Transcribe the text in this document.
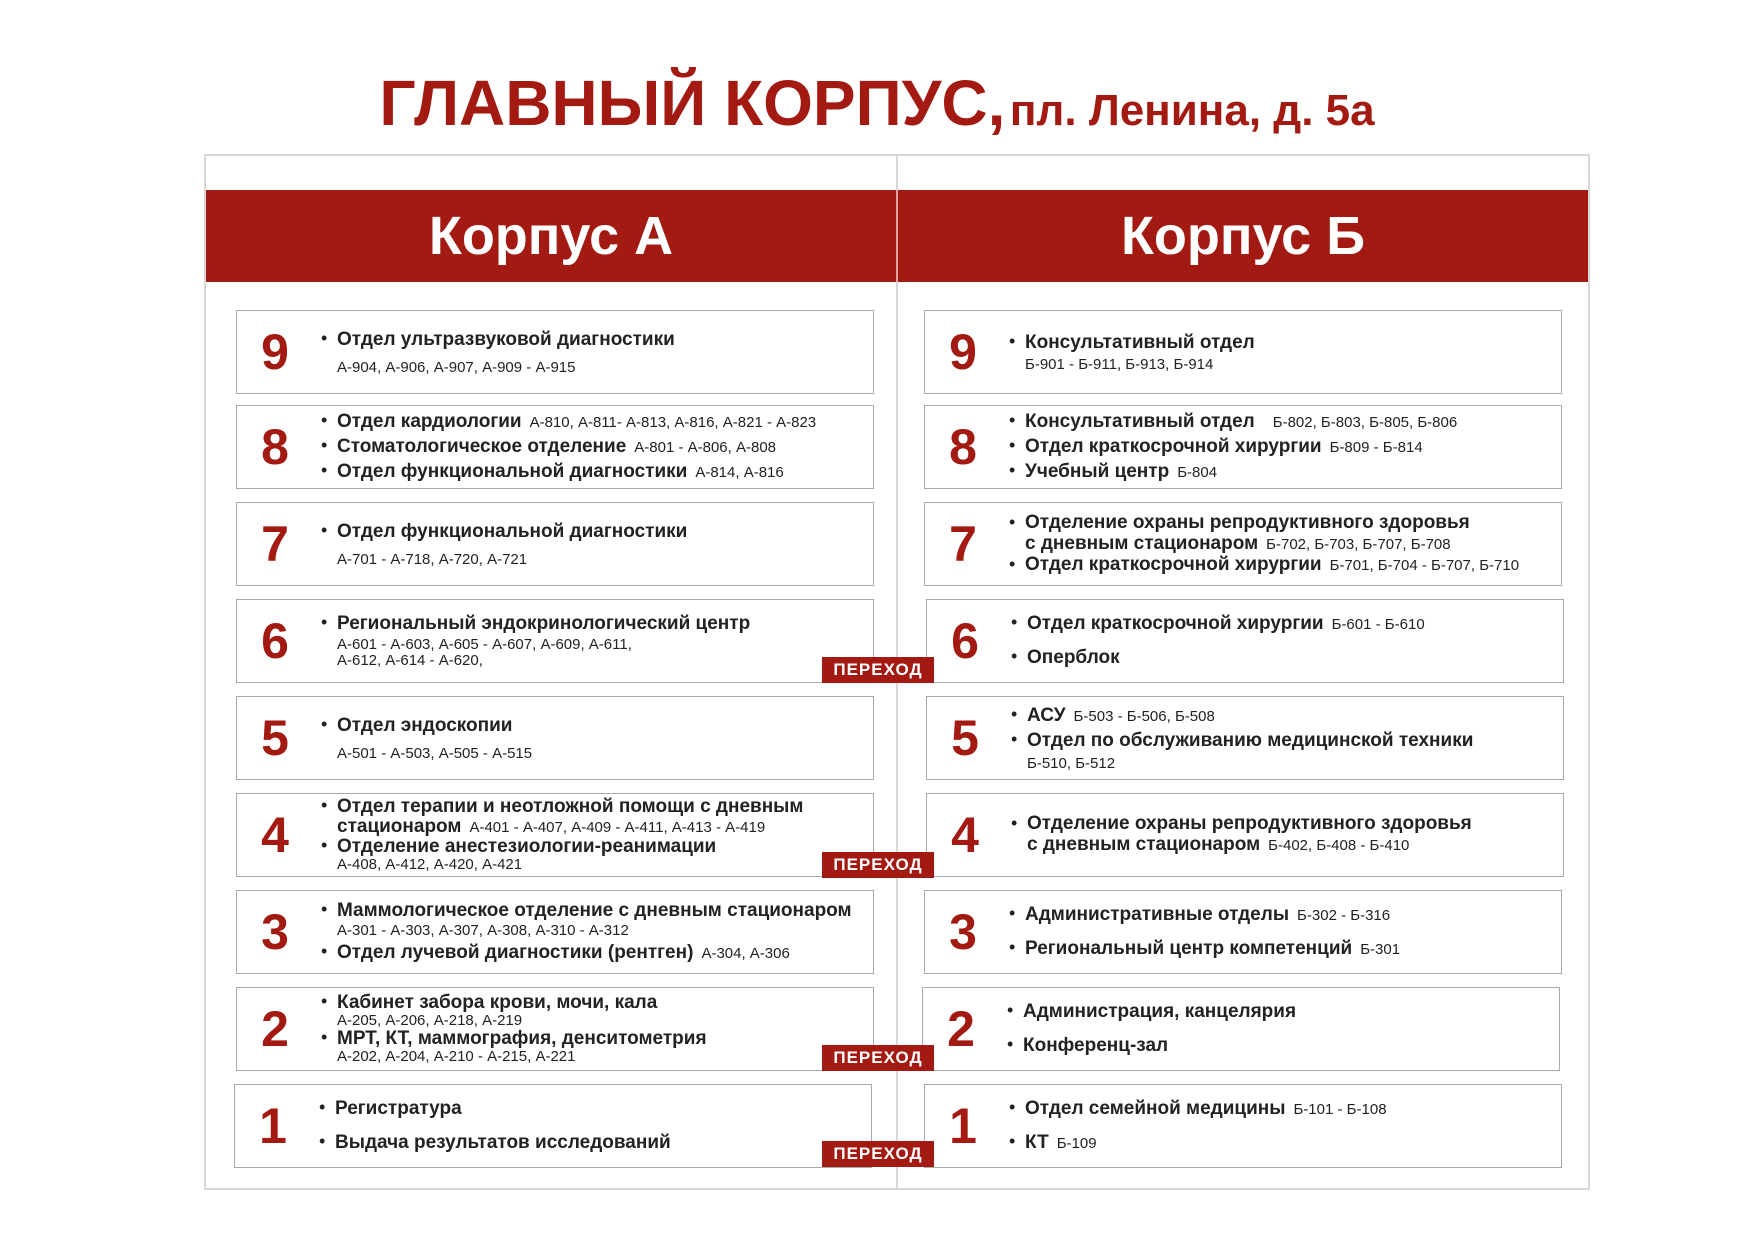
ГЛАВНЫЙ КОРПУС, пл. Ленина, д. 5а
Корпус А	Корпус Б
9	• Отдел ультразвуковой диагностики
А-904, А-906, А-907, А-909 - А-915
8	• Отдел кардиологии А-810, А-811- А-813, А-816, А-821 - А-823
• Стоматологическое отделение А-801 - А-806, А-808
• Отдел функциональной диагностики А-814, А-816
7	• Отдел функциональной диагностики
А-701 - А-718, А-720, А-721
6	• Региональный эндокринологический центр
А-601 - А-603, А-605 - А-607, А-609, А-611,
А-612, А-614 - А-620,
5	• Отдел эндоскопии
А-501 - А-503, А-505 - А-515
4
• Отдел терапии и неотложной помощи с дневным
стационаром А-401 - А-407, А-409 - А-411, А-413 - А-419
• Отделение анестезиологии-реанимации
А-408, А-412, А-420, А-421
3	• Маммологическое отделение с дневным стационаром
А-301 - А-303, А-307, А-308, А-310 - А-312
• Отдел лучевой диагностики (рентген) А-304, А-306
2	• Кабинет забора крови, мочи, кала
А-205, А-206, А-218, А-219
• МРТ, КТ, маммография, денситометрия
А-202, А-204, А-210 - А-215, А-221
1	• Регистратура
• Выдача результатов исследований
9	• Консультативный отдел
Б-901 - Б-911, Б-913, Б-914
8	• Консультативный отдел Б-802, Б-803, Б-805, Б-806
• Отдел краткосрочной хирургии Б-809 - Б-814
• Учебный центр Б-804
7	• Отделение охраны репродуктивного здоровья
с дневным стационаром Б-702, Б-703, Б-707, Б-708
• Отдел краткосрочной хирургии Б-701, Б-704 - Б-707, Б-710
6	• Отдел краткосрочной хирургии Б-601 - Б-610
• Оперблок
5	• АСУ Б-503 - Б-506, Б-508
• Отдел по обслуживанию медицинской техники
Б-510, Б-512
4	• Отделение охраны репродуктивного здоровья
с дневным стационаром Б-402, Б-408 - Б-410
3	• Административные отделы Б-302 - Б-316
• Региональный центр компетенций Б-301
2	• Администрация, канцелярия
• Конференц-зал
1	• Отдел семейной медицины Б-101 - Б-108
• КТ Б-109
ПЕРЕХОД
ПЕРЕХОД
ПЕРЕХОД
ПЕРЕХОД
